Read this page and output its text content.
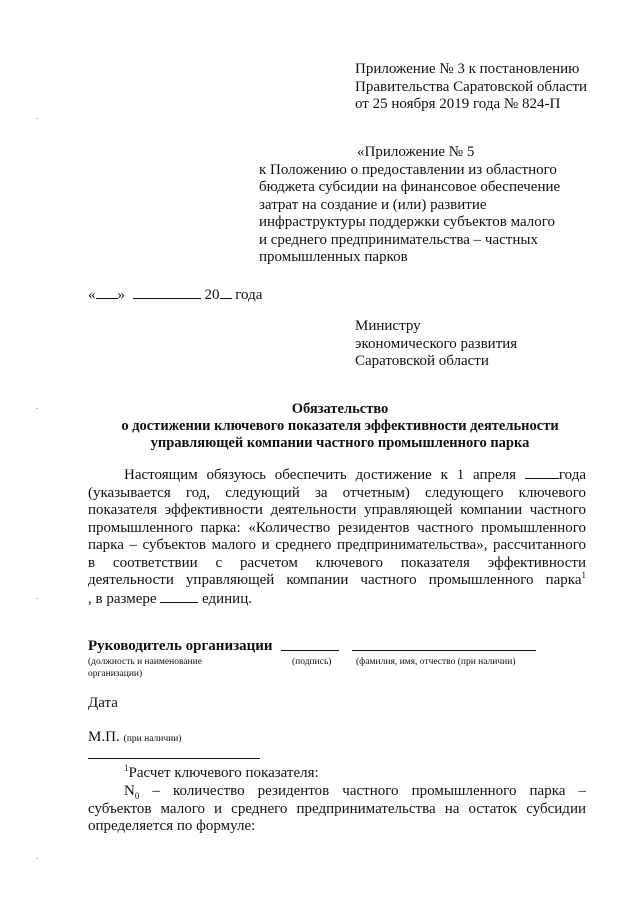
Приложение № 3 к постановлению
Правительства Саратовской области
от 25 ноября 2019 года № 824-П
«Приложение № 5
к Положению о предоставлении из областного
бюджета субсидии на финансовое обеспечение
затрат на создание и (или) развитие
инфраструктуры поддержки субъектов малого
и среднего предпринимательства – частных
промышленных парков
« »	20 года
Министру
экономического развития
Саратовской области
Обязательство
о достижении ключевого показателя эффективности деятельности
управляющей компании частного промышленного парка
Настоящим обязуюсь обеспечить достижение к 1 апреля	года
(указывается год, следующий за отчетным) следующего ключевого
показателя эффективности деятельности управляющей компании частного
промышленного парка: «Количество резидентов частного промышленного
парка – субъектов малого и среднего предпринимательства», рассчитанного
в соответствии с расчетом ключевого показателя эффективности
деятельности управляющей компании частного промышленного парка$^1$
, в размере	единиц.
Руководитель организации
(должность и наименование
организации)
(подпись)	(фамилия, имя, отчество (при наличии)
Дата
М.П. (при наличии)
$^1$Расчет ключевого показателя:
$N_0$ – количество резидентов частного промышленного парка –
субъектов малого и среднего предпринимательства на остаток субсидии
определяется по формуле:
